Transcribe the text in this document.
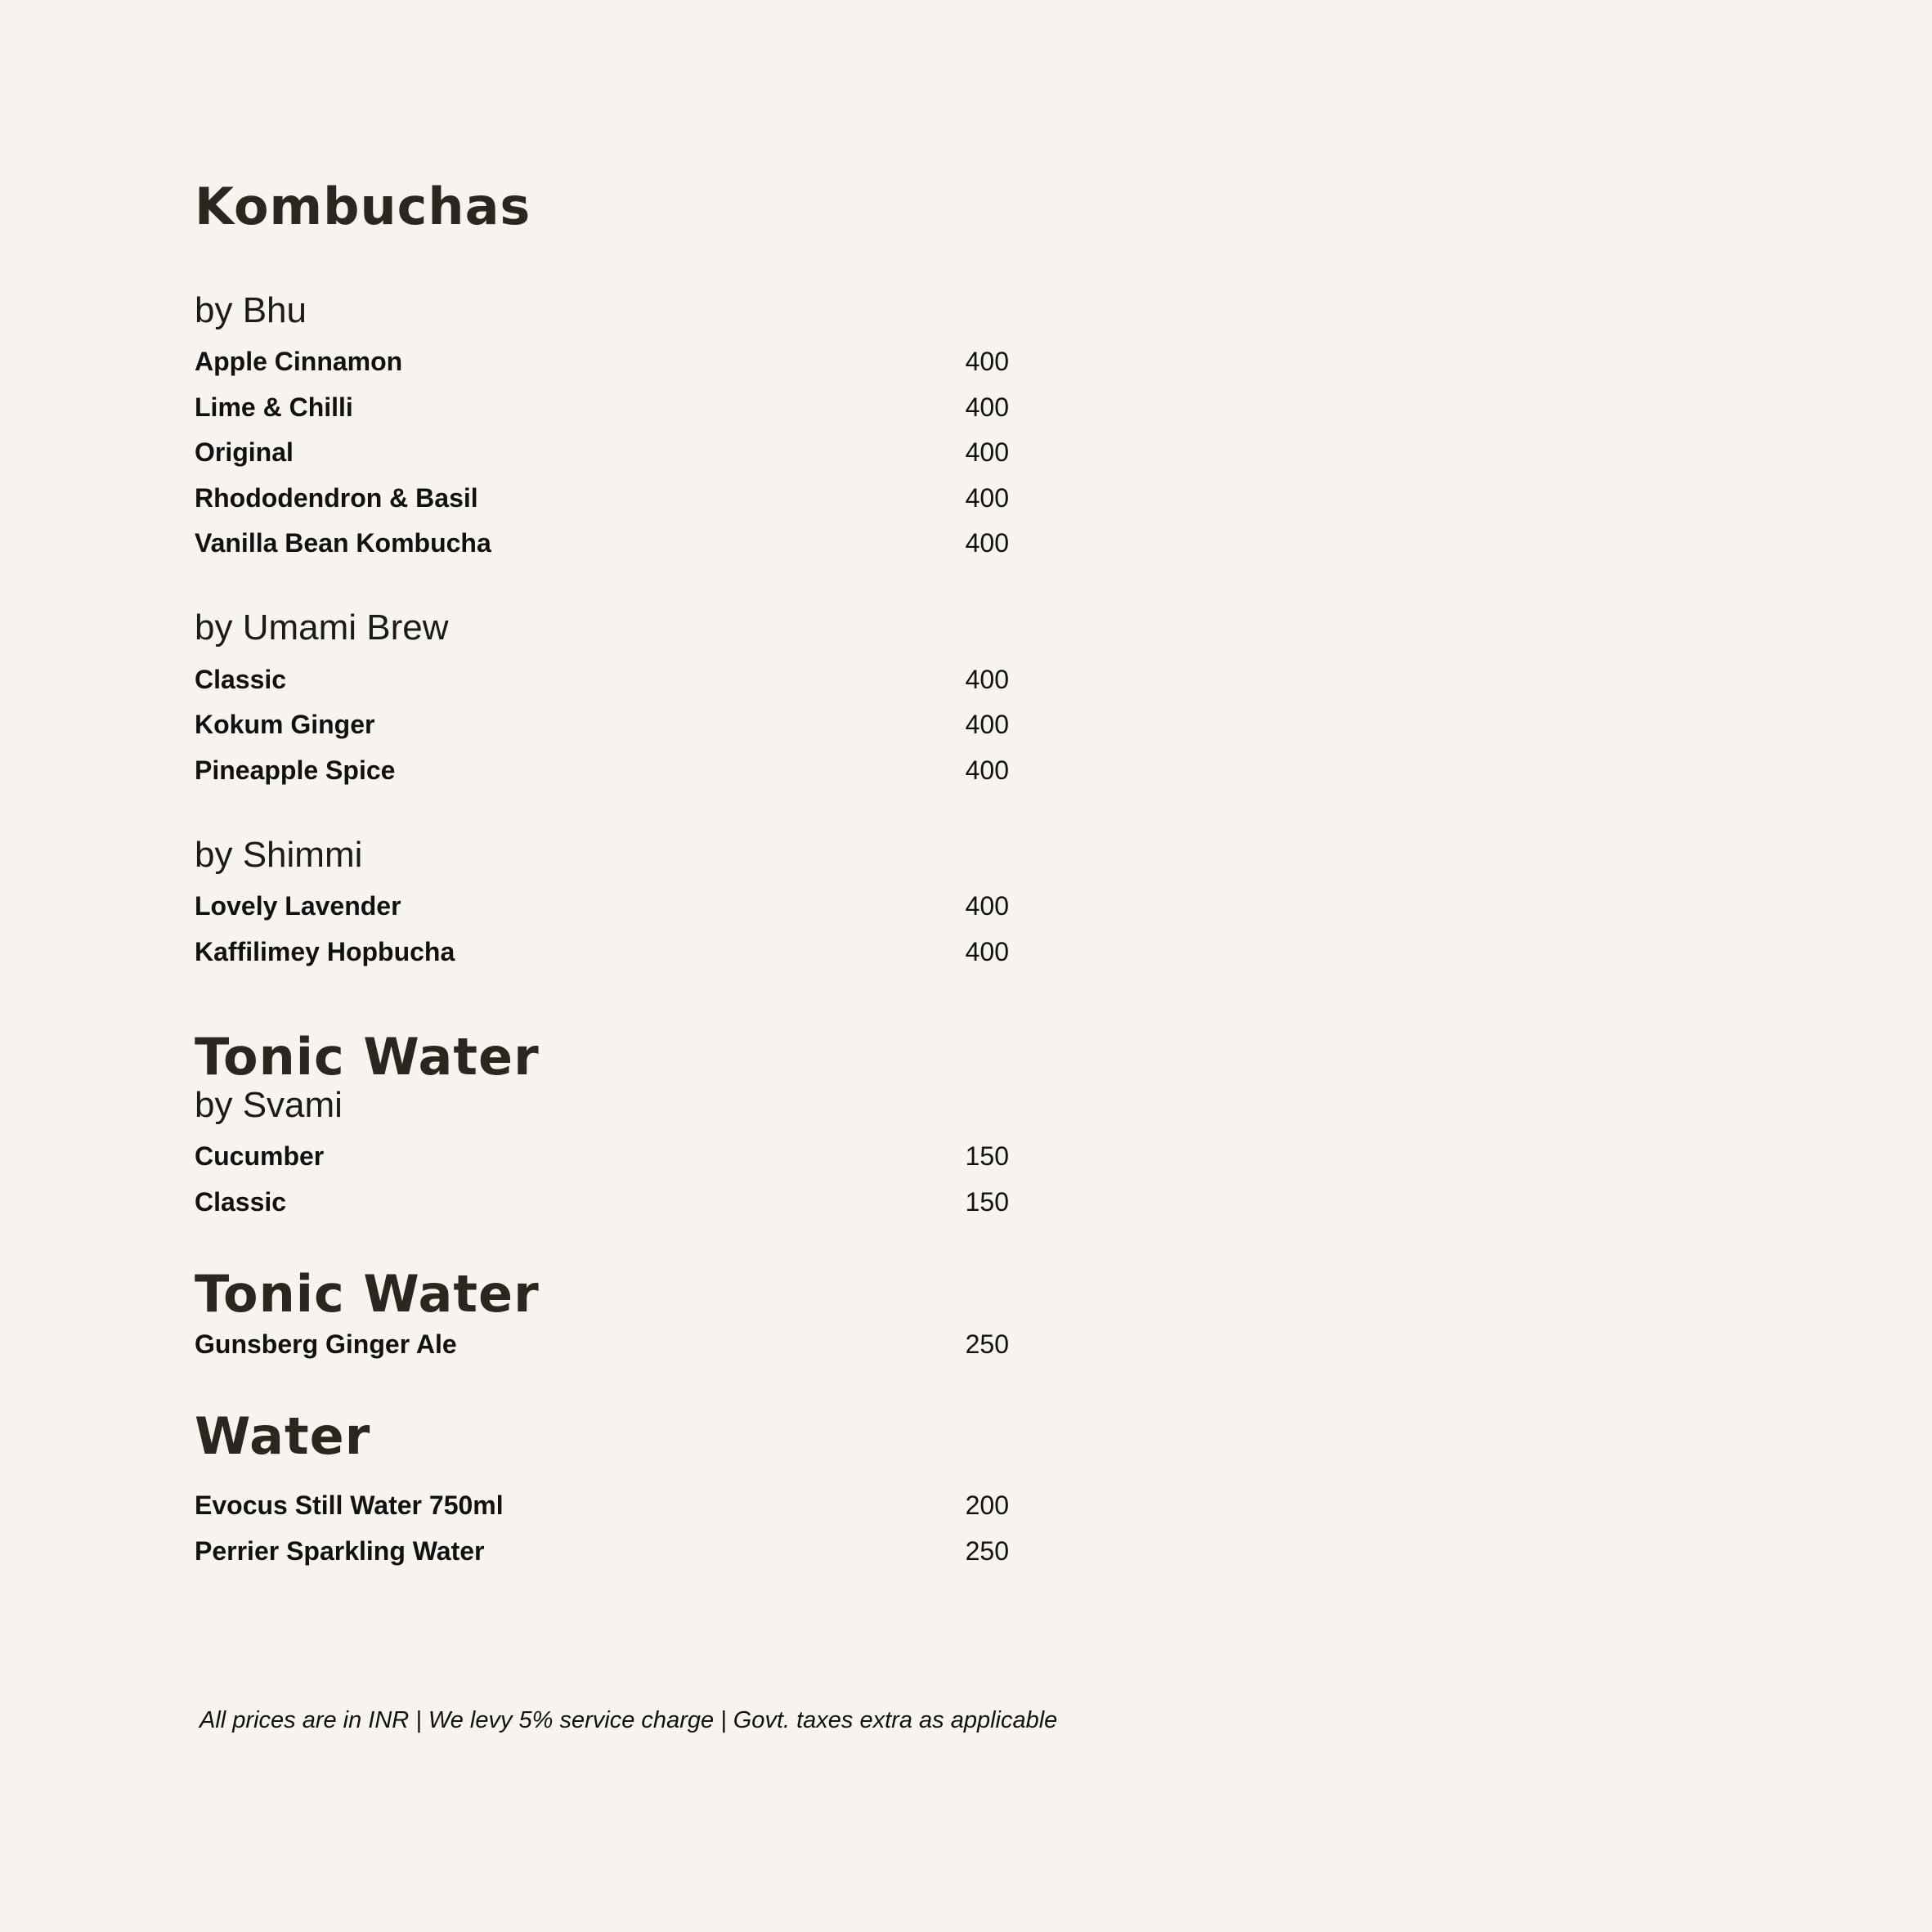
Kombuchas
by Bhu
Apple Cinnamon	400
Lime & Chilli	400
Original	400
Rhododendron & Basil	400
Vanilla Bean Kombucha	400
by Umami Brew
Classic	400
Kokum Ginger	400
Pineapple Spice	400
by Shimmi
Lovely Lavender	400
Kaffilimey Hopbucha	400
Tonic Water
by Svami
Cucumber	150
Classic	150
Tonic Water
Gunsberg Ginger Ale	250
Water
Evocus Still Water 750ml	200
Perrier Sparkling Water	250
All prices are in INR | We levy 5% service charge | Govt. taxes extra as applicable
